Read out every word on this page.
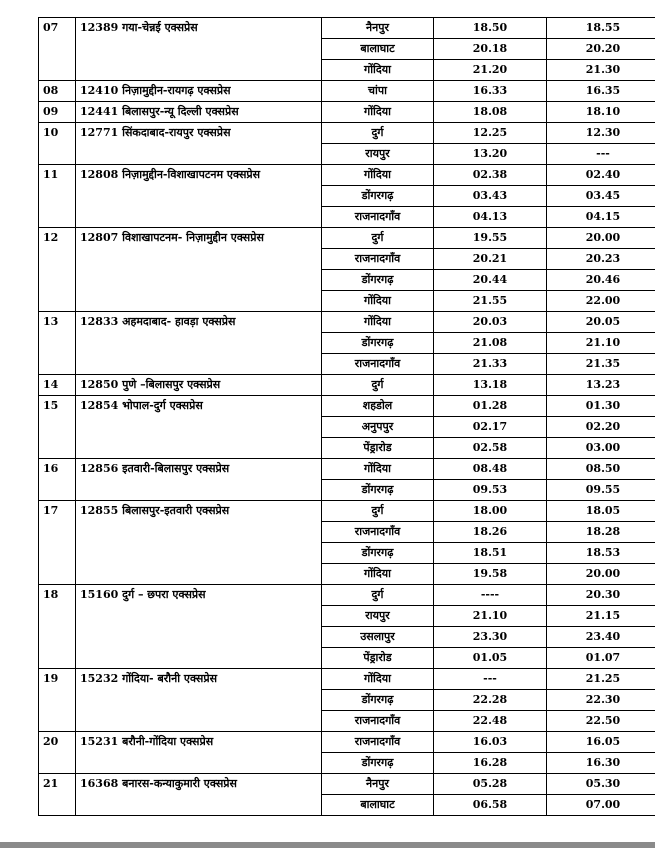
07	12389 गया-चेन्नई एक्सप्रेस	नैनपुर	18.50	18.55
		बालाघाट	20.18	20.20
		गोंदिया	21.20	21.30
08	12410 निज़ामुद्दीन-रायगढ़ एक्सप्रेस	चांपा	16.33	16.35
09	12441 बिलासपुर-न्यू दिल्ली एक्सप्रेस	गोंदिया	18.08	18.10
10	12771 सिंकदाबाद-रायपुर एक्सप्रेस	दुर्ग	12.25	12.30
		रायपुर	13.20	---
11	12808 निज़ामुद्दीन-विशाखापटनम एक्सप्रेस	गोंदिया	02.38	02.40
		डोंगरगढ़	03.43	03.45
		राजनादगाँव	04.13	04.15
12	12807 विशाखापटनम- निज़ामुद्दीन एक्सप्रेस	दुर्ग	19.55	20.00
		राजनादगाँव	20.21	20.23
		डोंगरगढ़	20.44	20.46
		गोंदिया	21.55	22.00
13	12833 अहमदाबाद- हावड़ा एक्सप्रेस	गोंदिया	20.03	20.05
		डोंगरगढ़	21.08	21.10
		राजनादगाँव	21.33	21.35
14	12850 पुणे –बिलासपुर एक्सप्रेस	दुर्ग	13.18	13.23
15	12854 भोपाल-दुर्ग एक्सप्रेस	शहडोल	01.28	01.30
		अनुपपुर	02.17	02.20
		पेंड्रारोड	02.58	03.00
16	12856 इतवारी-बिलासपुर एक्सप्रेस	गोंदिया	08.48	08.50
		डोंगरगढ़	09.53	09.55
17	12855 बिलासपुर-इतवारी एक्सप्रेस	दुर्ग	18.00	18.05
		राजनादगाँव	18.26	18.28
		डोंगरगढ़	18.51	18.53
		गोंदिया	19.58	20.00
18	15160 दुर्ग – छपरा एक्सप्रेस	दुर्ग	----	20.30
		रायपुर	21.10	21.15
		उसलापुर	23.30	23.40
		पेंड्रारोड	01.05	01.07
19	15232 गोंदिया- बरौनी एक्सप्रेस	गोंदिया	---	21.25
		डोंगरगढ़	22.28	22.30
		राजनादगाँव	22.48	22.50
20	15231 बरौनी-गोंदिया एक्सप्रेस	राजनादगाँव	16.03	16.05
		डोंगरगढ़	16.28	16.30
21	16368 बनारस-कन्याकुमारी एक्सप्रेस	नैनपुर	05.28	05.30
		बालाघाट	06.58	07.00
